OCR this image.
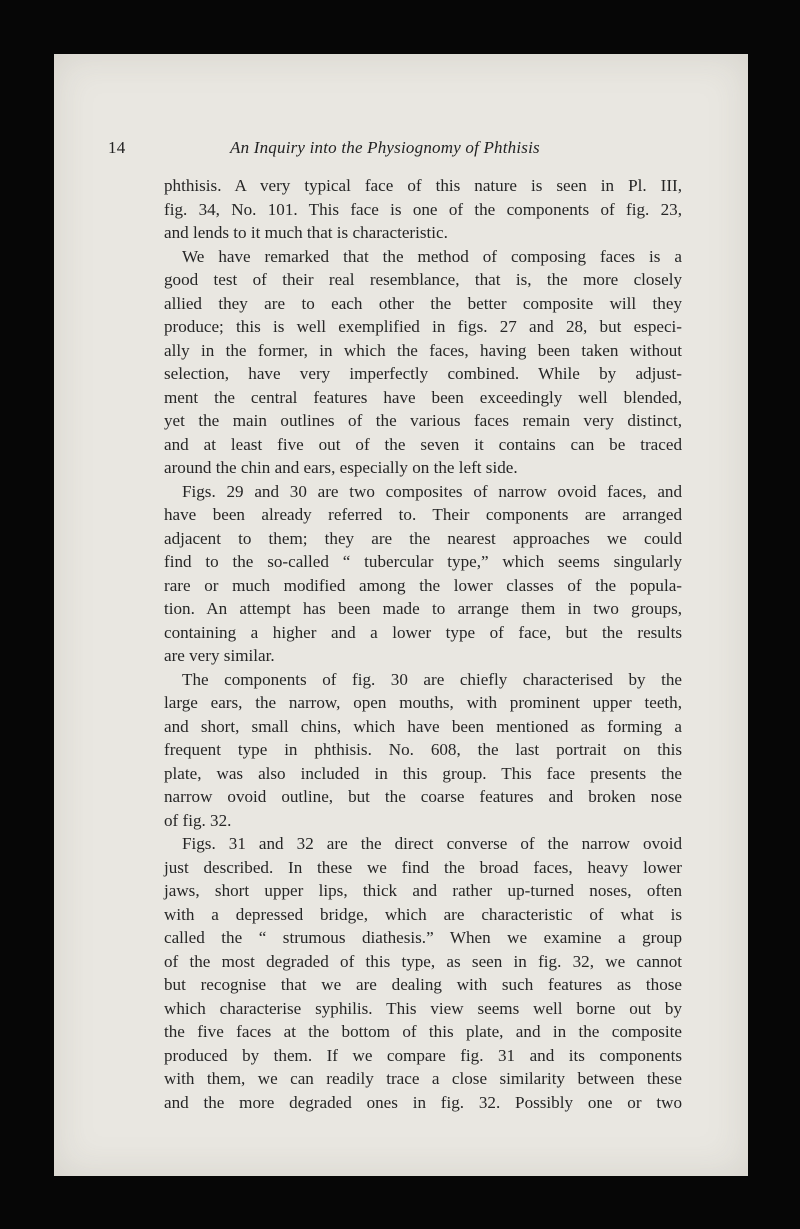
14	An Inquiry into the Physiognomy of Phthisis

phthisis. A very typical face of this nature is seen in Pl. III,
fig. 34, No. 101. This face is one of the components of fig. 23,
and lends to it much that is characteristic.

We have remarked that the method of composing faces is a
good test of their real resemblance, that is, the more closely
allied they are to each other the better composite will they
produce; this is well exemplified in figs. 27 and 28, but especi-
ally in the former, in which the faces, having been taken without
selection, have very imperfectly combined. While by adjust-
ment the central features have been exceedingly well blended,
yet the main outlines of the various faces remain very distinct,
and at least five out of the seven it contains can be traced
around the chin and ears, especially on the left side.

Figs. 29 and 30 are two composites of narrow ovoid faces, and
have been already referred to. Their components are arranged
adjacent to them; they are the nearest approaches we could
find to the so-called “ tubercular type,” which seems singularly
rare or much modified among the lower classes of the popula-
tion. An attempt has been made to arrange them in two groups,
containing a higher and a lower type of face, but the results
are very similar.

The components of fig. 30 are chiefly characterised by the
large ears, the narrow, open mouths, with prominent upper teeth,
and short, small chins, which have been mentioned as forming a
frequent type in phthisis. No. 608, the last portrait on this
plate, was also included in this group. This face presents the
narrow ovoid outline, but the coarse features and broken nose
of fig. 32.

Figs. 31 and 32 are the direct converse of the narrow ovoid
just described. In these we find the broad faces, heavy lower
jaws, short upper lips, thick and rather up-turned noses, often
with a depressed bridge, which are characteristic of what is
called the “ strumous diathesis.” When we examine a group
of the most degraded of this type, as seen in fig. 32, we cannot
but recognise that we are dealing with such features as those
which characterise syphilis. This view seems well borne out by
the five faces at the bottom of this plate, and in the composite
produced by them. If we compare fig. 31 and its components
with them, we can readily trace a close similarity between these
and the more degraded ones in fig. 32. Possibly one or two
